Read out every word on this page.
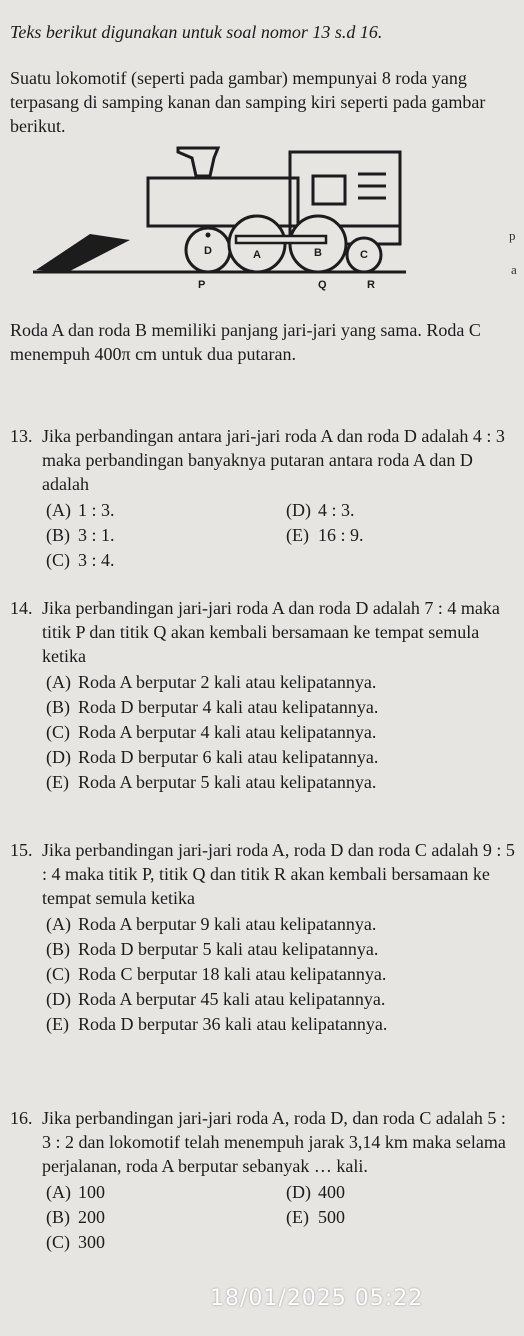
Teks berikut digunakan untuk soal nomor 13 s.d 16.
Suatu lokomotif (seperti pada gambar) mempunyai 8 roda yang terpasang di samping kanan dan samping kiri seperti pada gambar berikut.
D	A	B	C
P	Q	R
p
a
Roda A dan roda B memiliki panjang jari-jari yang sama. Roda C menempuh 400π cm untuk dua putaran.
13. Jika perbandingan antara jari-jari roda A dan roda D adalah 4 : 3 maka perbandingan banyaknya putaran antara roda A dan D adalah
(A) 1 : 3.	(D) 4 : 3.
(B) 3 : 1.	(E) 16 : 9.
(C) 3 : 4.
14. Jika perbandingan jari-jari roda A dan roda D adalah 7 : 4 maka titik P dan titik Q akan kembali bersamaan ke tempat semula ketika
(A) Roda A berputar 2 kali atau kelipatannya.
(B) Roda D berputar 4 kali atau kelipatannya.
(C) Roda A berputar 4 kali atau kelipatannya.
(D) Roda D berputar 6 kali atau kelipatannya.
(E) Roda A berputar 5 kali atau kelipatannya.
15. Jika perbandingan jari-jari roda A, roda D dan roda C adalah 9 : 5 : 4 maka titik P, titik Q dan titik R akan kembali bersamaan ke tempat semula ketika
(A) Roda A berputar 9 kali atau kelipatannya.
(B) Roda D berputar 5 kali atau kelipatannya.
(C) Roda C berputar 18 kali atau kelipatannya.
(D) Roda A berputar 45 kali atau kelipatannya.
(E) Roda D berputar 36 kali atau kelipatannya.
16. Jika perbandingan jari-jari roda A, roda D, dan roda C adalah 5 : 3 : 2 dan lokomotif telah menempuh jarak 3,14 km maka selama perjalanan, roda A berputar sebanyak … kali.
(A) 100	(D) 400
(B) 200	(E) 500
(C) 300
18/01/2025 05:22
